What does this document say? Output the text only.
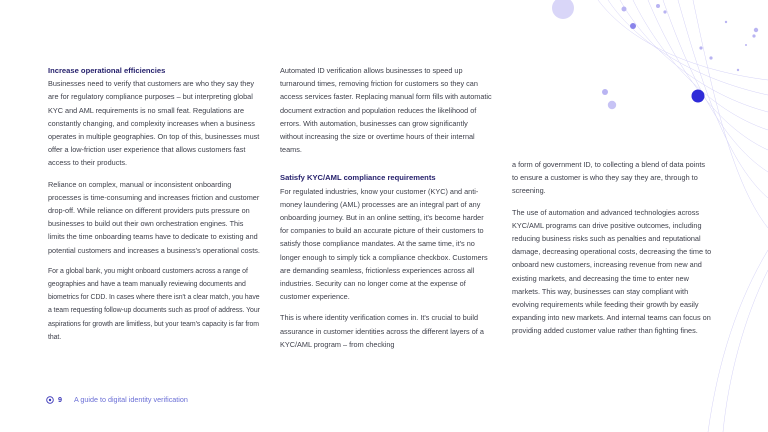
Increase operational efficiencies

Businesses need to verify that customers are who they say they are for regulatory compliance purposes – but interpreting global KYC and AML requirements is no small feat. Regulations are constantly changing, and complexity increases when a business operates in multiple geographies. On top of this, businesses must offer a low-friction user experience that allows customers fast access to their products.

Reliance on complex, manual or inconsistent onboarding processes is time-consuming and increases friction and customer drop-off. While reliance on different providers puts pressure on businesses to build out their own orchestration engines. This limits the time onboarding teams have to dedicate to existing and potential customers and increases a business's operational costs.

For a global bank, you might onboard customers across a range of geographies and have a team manually reviewing documents and biometrics for CDD. In cases where there isn't a clear match, you have a team requesting follow-up documents such as proof of address. Your aspirations for growth are limitless, but your team's capacity is far from that.

Automated ID verification allows businesses to speed up turnaround times, removing friction for customers so they can access services faster. Replacing manual form fills with automatic document extraction and population reduces the likelihood of errors. With automation, businesses can grow significantly without increasing the size or overtime hours of their internal teams.

Satisfy KYC/AML compliance requirements

For regulated industries, know your customer (KYC) and anti-money laundering (AML) processes are an integral part of any onboarding journey. But in an online setting, it's become harder for companies to build an accurate picture of their customers to satisfy those compliance mandates. At the same time, it's no longer enough to simply tick a compliance checkbox. Customers are demanding seamless, frictionless experiences across all industries. Security can no longer come at the expense of customer experience.

This is where identity verification comes in. It's crucial to build assurance in customer identities across the different layers of a KYC/AML program – from checking

a form of government ID, to collecting a blend of data points to ensure a customer is who they say they are, through to screening.

The use of automation and advanced technologies across KYC/AML programs can drive positive outcomes, including reducing business risks such as penalties and reputational damage, decreasing operational costs, decreasing the time to onboard new customers, increasing revenue from new and existing markets, and decreasing the time to enter new markets. This way, businesses can stay compliant with evolving requirements while feeding their growth by easily expanding into new markets. And internal teams can focus on providing added customer value rather than fighting fines.

9 A guide to digital identity verification
